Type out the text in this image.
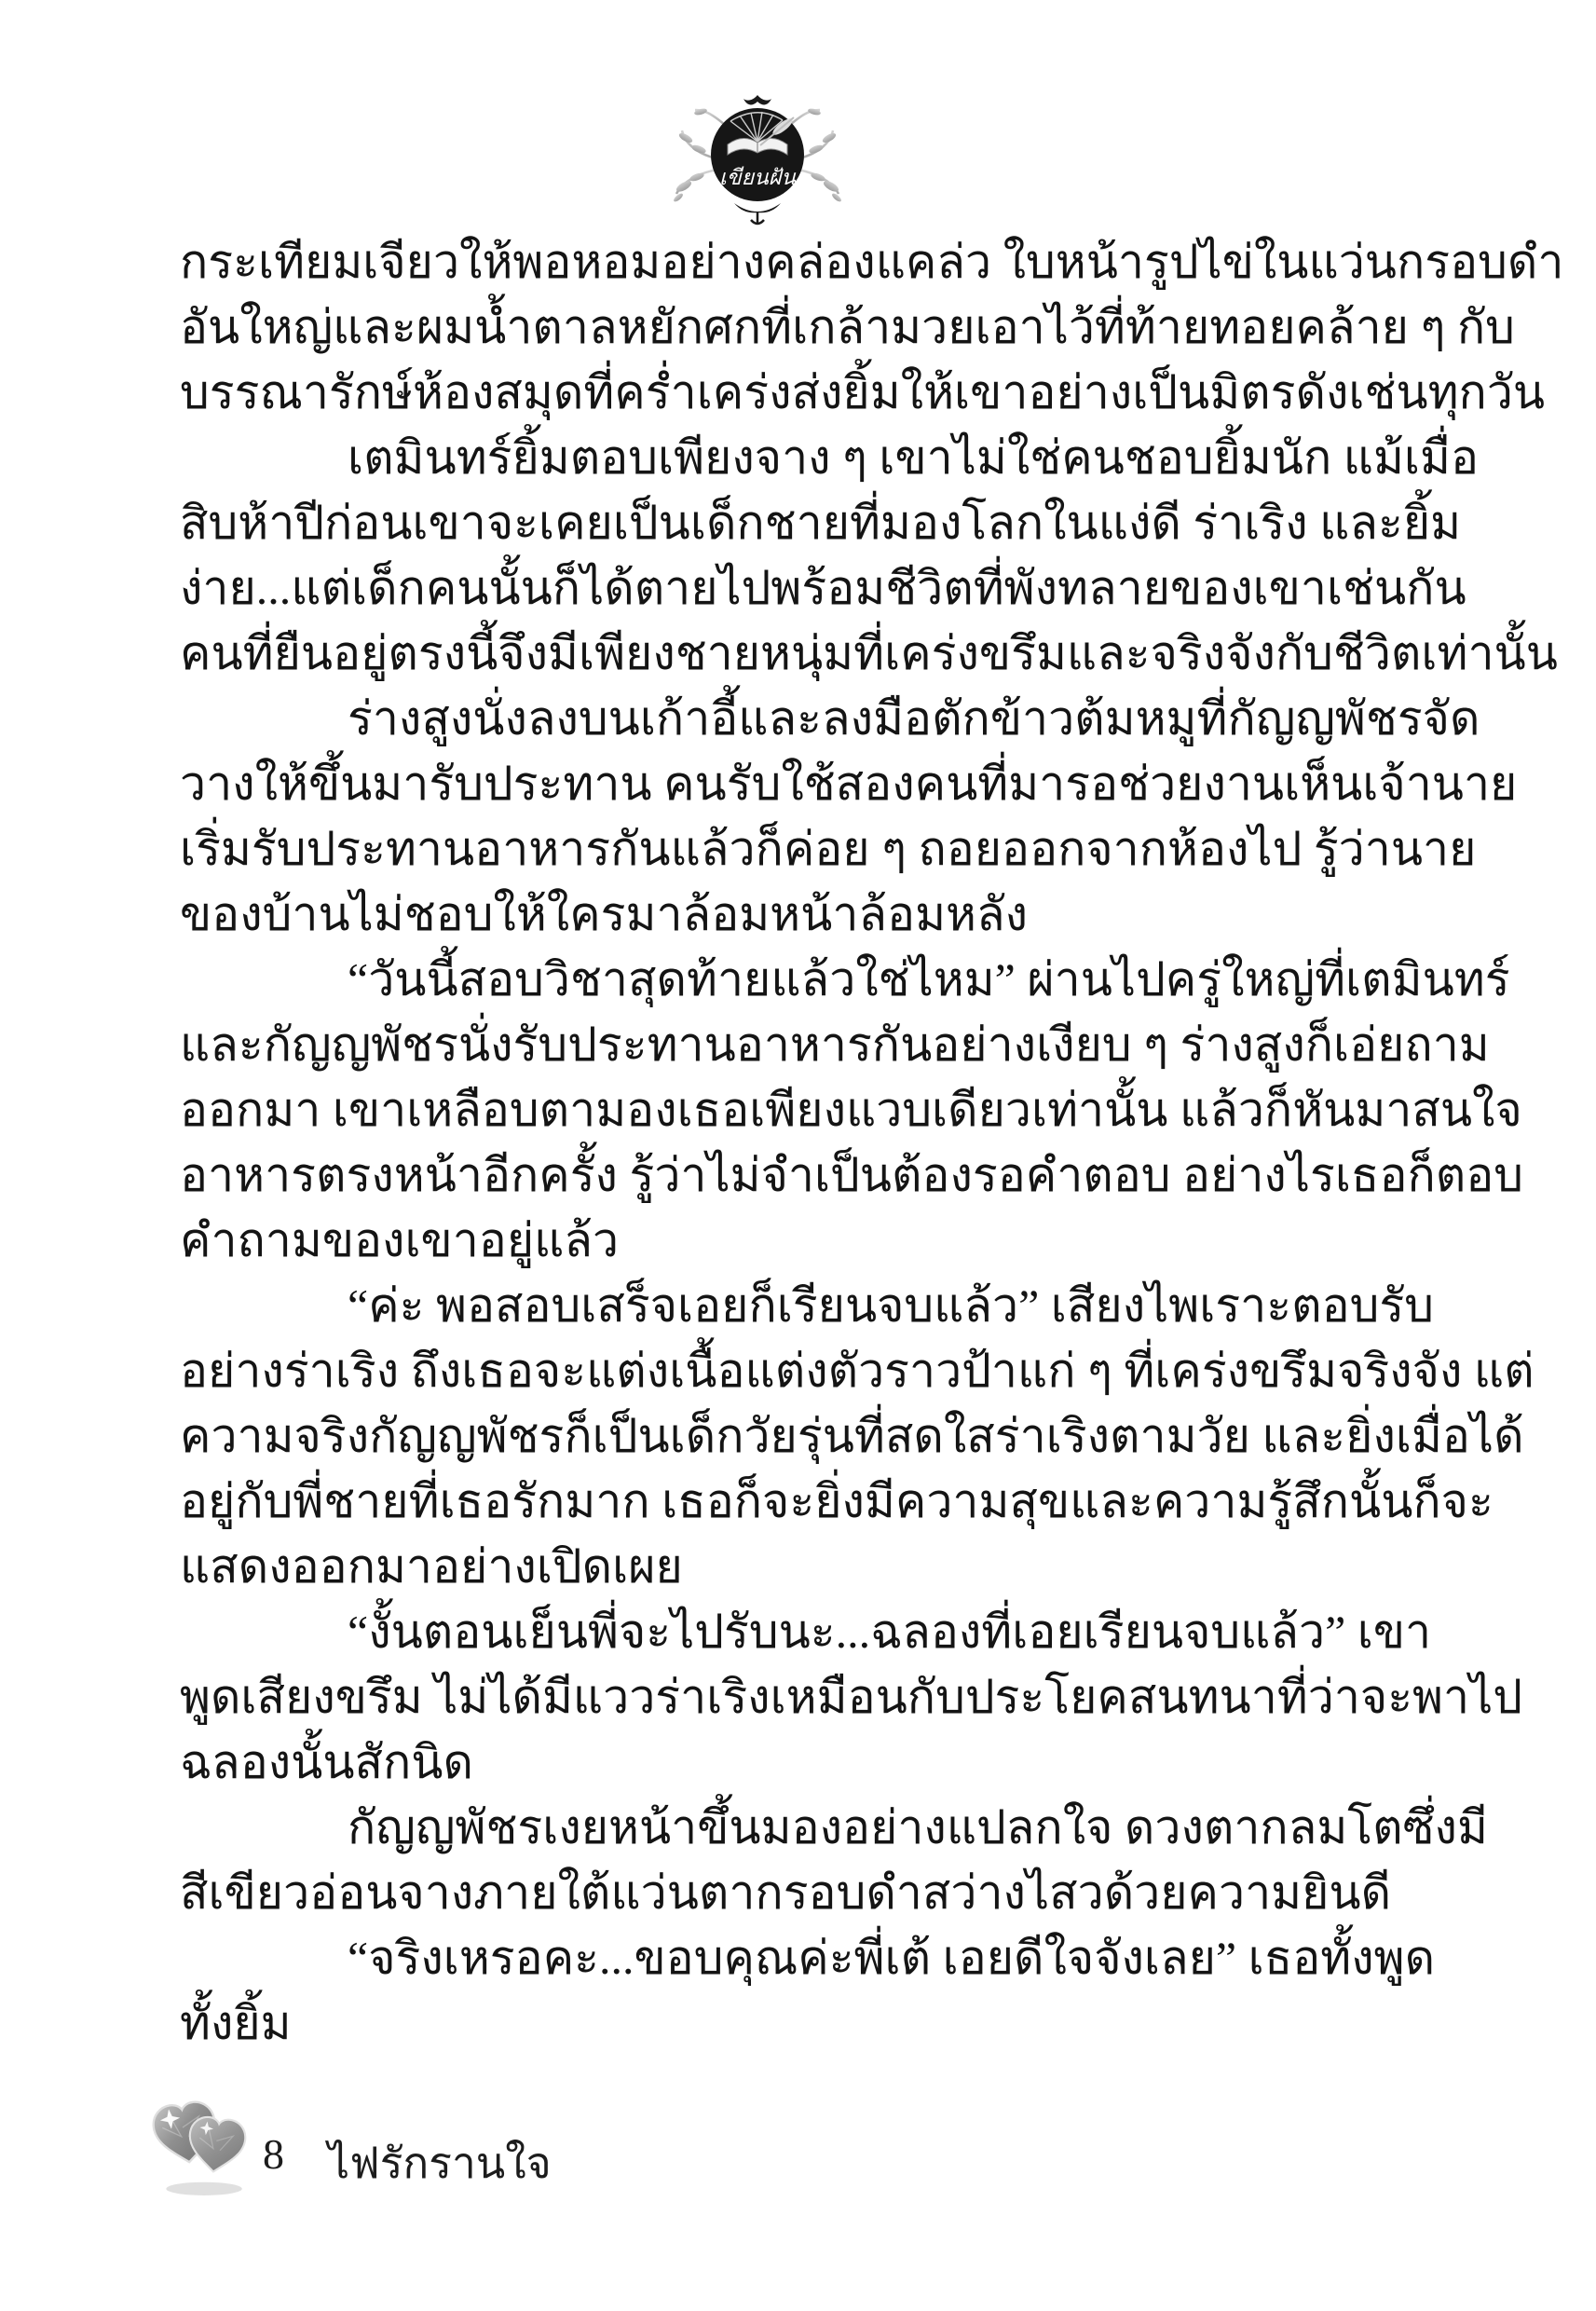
เขียนฝัน
กระเทียมเจียวให้พอหอมอย่างคล่องแคล่ว ใบหน้ารูปไข่ในแว่นกรอบดำ
อันใหญ่และผมน้ำตาลหยักศกที่เกล้ามวยเอาไว้ที่ท้ายทอยคล้าย ๆ กับ
บรรณารักษ์ห้องสมุดที่คร่ำเคร่งส่งยิ้มให้เขาอย่างเป็นมิตรดังเช่นทุกวัน
เตมินทร์ยิ้มตอบเพียงจาง ๆ เขาไม่ใช่คนชอบยิ้มนัก แม้เมื่อ
สิบห้าปีก่อนเขาจะเคยเป็นเด็กชายที่มองโลกในแง่ดี ร่าเริง และยิ้ม
ง่าย...แต่เด็กคนนั้นก็ได้ตายไปพร้อมชีวิตที่พังทลายของเขาเช่นกัน
คนที่ยืนอยู่ตรงนี้จึงมีเพียงชายหนุ่มที่เคร่งขรึมและจริงจังกับชีวิตเท่านั้น
ร่างสูงนั่งลงบนเก้าอี้และลงมือตักข้าวต้มหมูที่กัญญพัชรจัด
วางให้ขึ้นมารับประทาน คนรับใช้สองคนที่มารอช่วยงานเห็นเจ้านาย
เริ่มรับประทานอาหารกันแล้วก็ค่อย ๆ ถอยออกจากห้องไป รู้ว่านาย
ของบ้านไม่ชอบให้ใครมาล้อมหน้าล้อมหลัง
“วันนี้สอบวิชาสุดท้ายแล้วใช่ไหม” ผ่านไปครู่ใหญ่ที่เตมินทร์
และกัญญพัชรนั่งรับประทานอาหารกันอย่างเงียบ ๆ ร่างสูงก็เอ่ยถาม
ออกมา เขาเหลือบตามองเธอเพียงแวบเดียวเท่านั้น แล้วก็หันมาสนใจ
อาหารตรงหน้าอีกครั้ง รู้ว่าไม่จำเป็นต้องรอคำตอบ อย่างไรเธอก็ตอบ
คำถามของเขาอยู่แล้ว
“ค่ะ พอสอบเสร็จเอยก็เรียนจบแล้ว” เสียงไพเราะตอบรับ
อย่างร่าเริง ถึงเธอจะแต่งเนื้อแต่งตัวราวป้าแก่ ๆ ที่เคร่งขรึมจริงจัง แต่
ความจริงกัญญพัชรก็เป็นเด็กวัยรุ่นที่สดใสร่าเริงตามวัย และยิ่งเมื่อได้
อยู่กับพี่ชายที่เธอรักมาก เธอก็จะยิ่งมีความสุขและความรู้สึกนั้นก็จะ
แสดงออกมาอย่างเปิดเผย
“งั้นตอนเย็นพี่จะไปรับนะ...ฉลองที่เอยเรียนจบแล้ว” เขา
พูดเสียงขรึม ไม่ได้มีแววร่าเริงเหมือนกับประโยคสนทนาที่ว่าจะพาไป
ฉลองนั้นสักนิด
กัญญพัชรเงยหน้าขึ้นมองอย่างแปลกใจ ดวงตากลมโตซึ่งมี
สีเขียวอ่อนจางภายใต้แว่นตากรอบดำสว่างไสวด้วยความยินดี
“จริงเหรอคะ...ขอบคุณค่ะพี่เต้ เอยดีใจจังเลย” เธอทั้งพูด
ทั้งยิ้ม
8 ไฟรักรานใจ
